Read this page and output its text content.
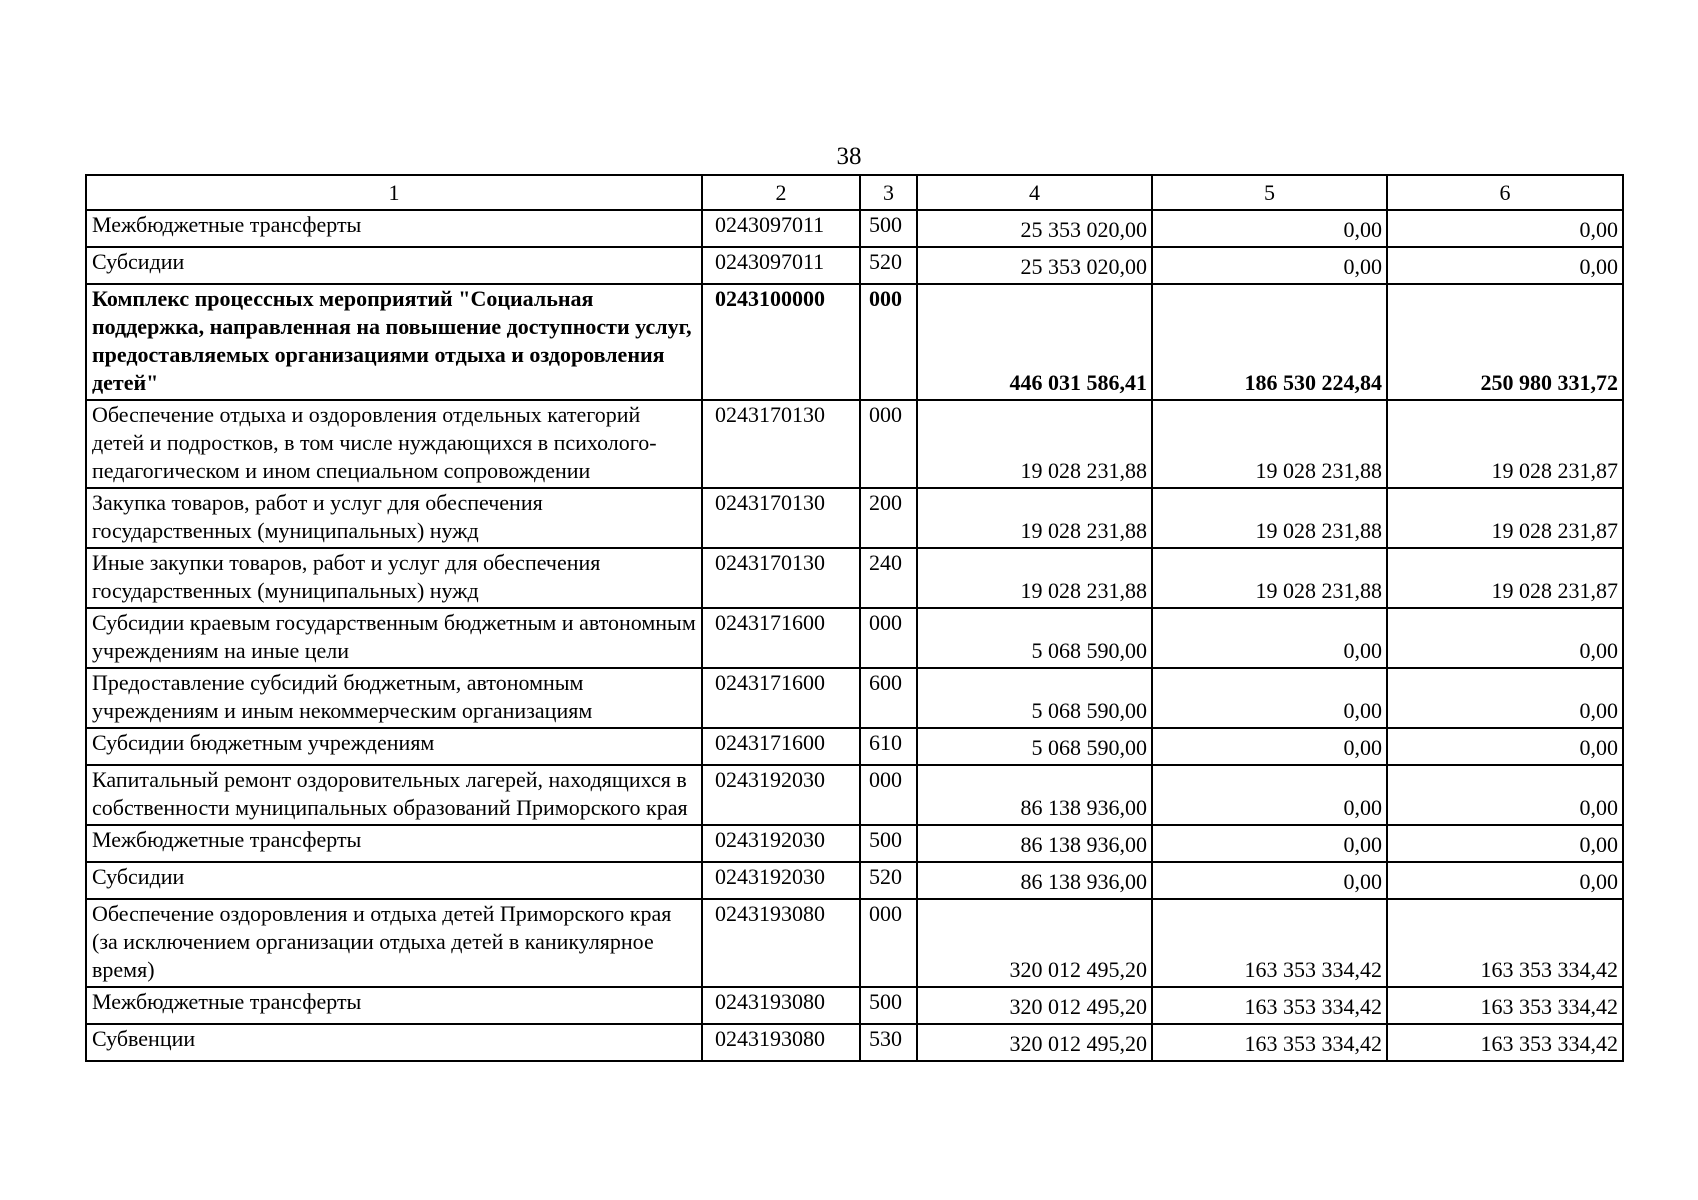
38
1	2	3	4	5	6
Межбюджетные трансферты	0243097011	500	25 353 020,00	0,00	0,00
Субсидии	0243097011	520	25 353 020,00	0,00	0,00
Комплекс процессных мероприятий "Социальная поддержка, направленная на повышение доступности услуг, предоставляемых организациями отдыха и оздоровления детей"	0243100000	000	446 031 586,41	186 530 224,84	250 980 331,72
Обеспечение отдыха и оздоровления отдельных категорий детей и подростков, в том числе нуждающихся в психолого-педагогическом и ином специальном сопровождении	0243170130	000	19 028 231,88	19 028 231,88	19 028 231,87
Закупка товаров, работ и услуг для обеспечения государственных (муниципальных) нужд	0243170130	200	19 028 231,88	19 028 231,88	19 028 231,87
Иные закупки товаров, работ и услуг для обеспечения государственных (муниципальных) нужд	0243170130	240	19 028 231,88	19 028 231,88	19 028 231,87
Субсидии краевым государственным бюджетным и автономным учреждениям на иные цели	0243171600	000	5 068 590,00	0,00	0,00
Предоставление субсидий бюджетным, автономным учреждениям и иным некоммерческим организациям	0243171600	600	5 068 590,00	0,00	0,00
Субсидии бюджетным учреждениям	0243171600	610	5 068 590,00	0,00	0,00
Капитальный ремонт оздоровительных лагерей, находящихся в собственности муниципальных образований Приморского края	0243192030	000	86 138 936,00	0,00	0,00
Межбюджетные трансферты	0243192030	500	86 138 936,00	0,00	0,00
Субсидии	0243192030	520	86 138 936,00	0,00	0,00
Обеспечение оздоровления и отдыха детей Приморского края (за исключением организации отдыха детей в каникулярное время)	0243193080	000	320 012 495,20	163 353 334,42	163 353 334,42
Межбюджетные трансферты	0243193080	500	320 012 495,20	163 353 334,42	163 353 334,42
Субвенции	0243193080	530	320 012 495,20	163 353 334,42	163 353 334,42
